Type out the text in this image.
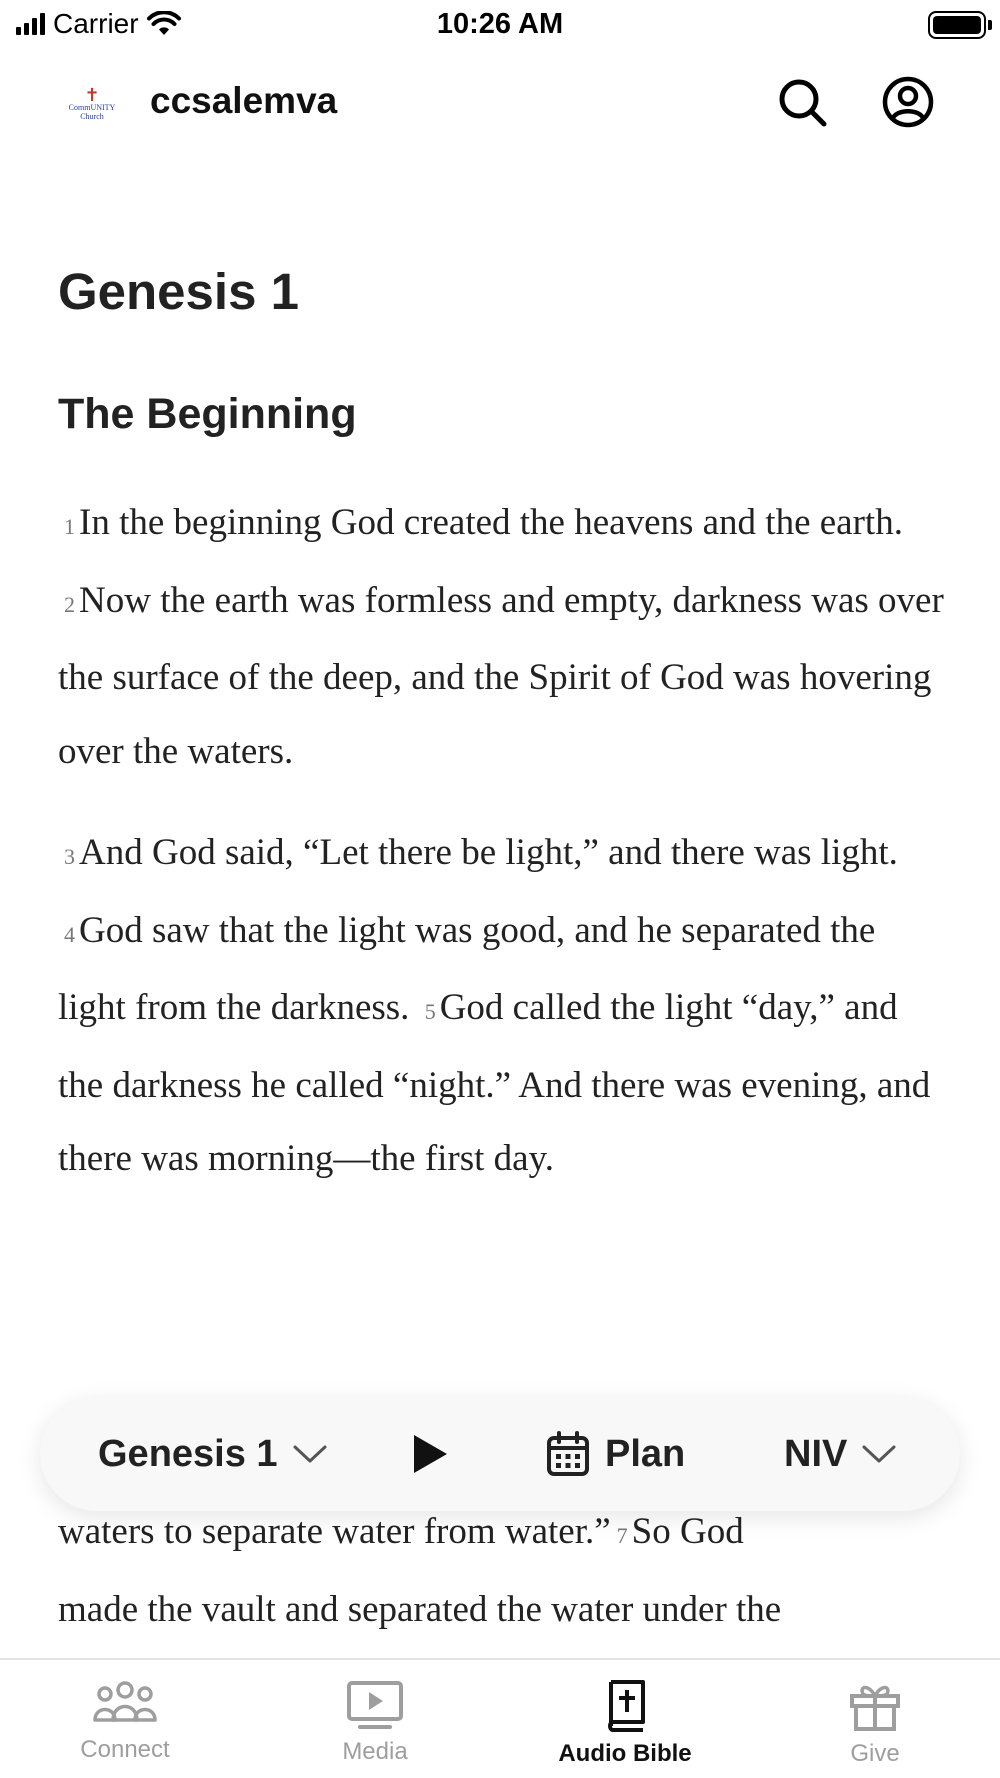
Carrier	10:26 AM
✝
CommUNITY
Church ccsalemva
Genesis 1
The Beginning

1 In the beginning God created the heavens and the earth. 2 Now the earth was formless and empty, darkness was over the surface of the deep, and the Spirit of God was hovering over the waters.

3 And God said, “Let there be light,” and there was light. 4 God saw that the light was good, and he separated the light from the darkness. 5 God called the light “day,” and the darkness he called “night.” And there was evening, and there was morning—the first day.

waters to separate water from water.” 7 So God
made the vault and separated the water under the
Genesis 1	Plan	NIV
Connect	Media	Audio Bible	Give
